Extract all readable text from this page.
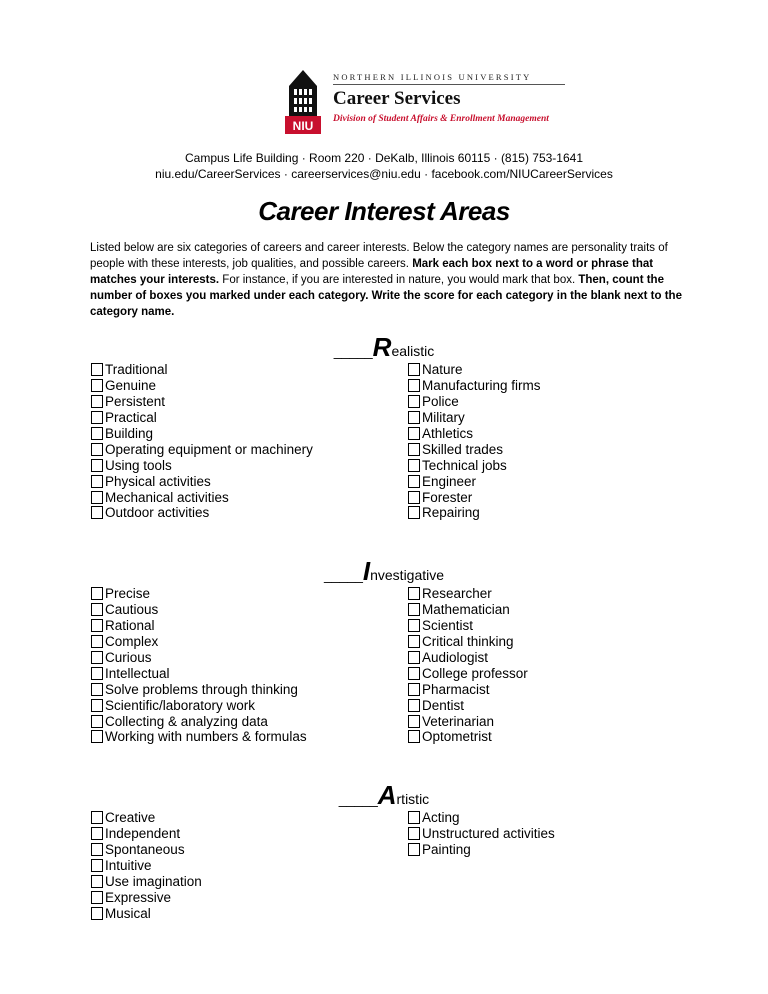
NIU
NORTHERN ILLINOIS UNIVERSITY
Career Services
Division of Student Affairs & Enrollment Management
Campus Life Building · Room 220 · DeKalb, Illinois 60115 · (815) 753-1641
niu.edu/CareerServices · careerservices@niu.edu · facebook.com/NIUCareerServices
Career Interest Areas
Listed below are six categories of careers and career interests. Below the category names are personality traits of people with these interests, job qualities, and possible careers. Mark each box next to a word or phrase that matches your interests. For instance, if you are interested in nature, you would mark that box. Then, count the number of boxes you marked under each category. Write the score for each category in the blank next to the category name.
_____Realistic
Traditional
Genuine
Persistent
Practical
Building
Operating equipment or machinery
Using tools
Physical activities
Mechanical activities
Outdoor activities
Nature
Manufacturing firms
Police
Military
Athletics
Skilled trades
Technical jobs
Engineer
Forester
Repairing
_____Investigative
Precise
Cautious
Rational
Complex
Curious
Intellectual
Solve problems through thinking
Scientific/laboratory work
Collecting & analyzing data
Working with numbers & formulas
Researcher
Mathematician
Scientist
Critical thinking
Audiologist
College professor
Pharmacist
Dentist
Veterinarian
Optometrist
_____Artistic
Creative
Independent
Spontaneous
Intuitive
Use imagination
Expressive
Musical
Acting
Unstructured activities
Painting
